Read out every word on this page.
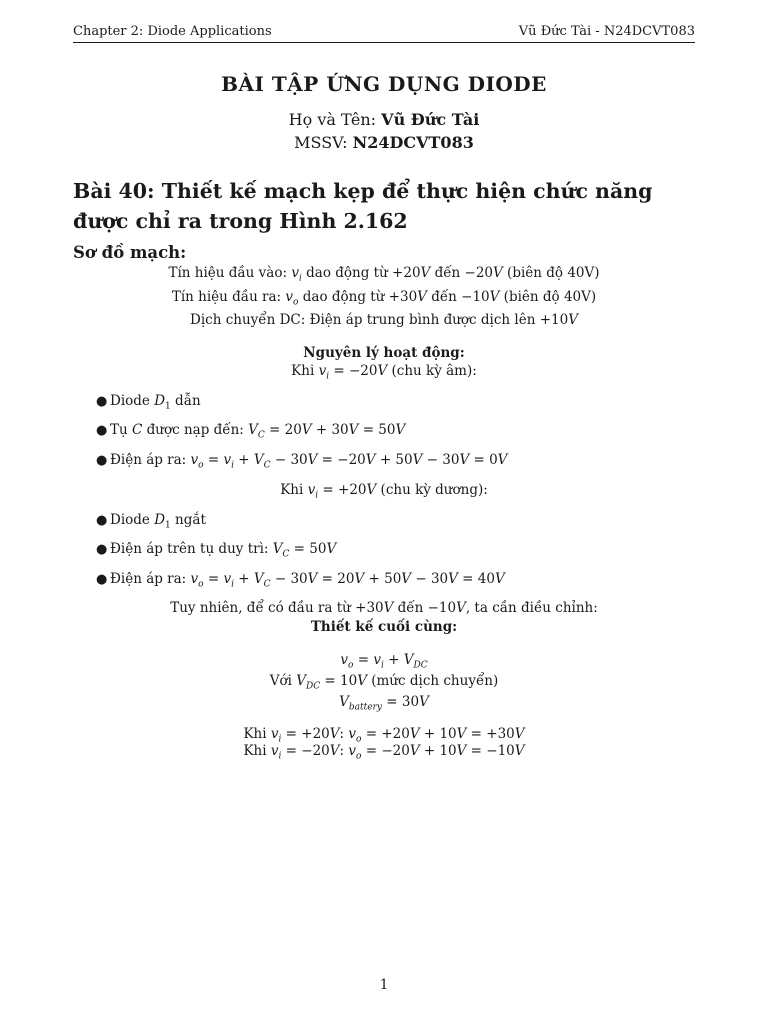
Chapter 2: Diode Applications	Vũ Đức Tài - N24DCVT083
BÀI TẬP ỨNG DỤNG DIODE
Họ và Tên: Vũ Đức Tài
MSSV: N24DCVT083
Bài 40: Thiết kế mạch kẹp để thực hiện chức năng được chỉ ra trong Hình 2.162
Sơ đồ mạch:
Tín hiệu đầu vào: $v_i$ dao động từ +20V đến −20V (biên độ 40V)
Tín hiệu đầu ra: $v_o$ dao động từ +30V đến −10V (biên độ 40V)
Dịch chuyển DC: Điện áp trung bình được dịch lên +10V
Nguyên lý hoạt động:
Khi $v_i = -20V$ (chu kỳ âm):
● Diode $D_1$ dẫn
● Tụ C được nạp đến: $V_C = 20V + 30V = 50V$
● Điện áp ra: $v_o = v_i + V_C - 30V = -20V + 50V - 30V = 0V$
Khi $v_i = +20V$ (chu kỳ dương):
● Diode $D_1$ ngắt
● Điện áp trên tụ duy trì: $V_C = 50V$
● Điện áp ra: $v_o = v_i + V_C - 30V = 20V + 50V - 30V = 40V$
Tuy nhiên, để có đầu ra từ +30V đến −10V, ta cần điều chỉnh:
Thiết kế cuối cùng:
$v_o = v_i + V_{DC}$
Với $V_{DC} = 10V$ (mức dịch chuyển)
$V_{battery} = 30V$
Khi $v_i = +20V$: $v_o = +20V + 10V = +30V$
Khi $v_i = -20V$: $v_o = -20V + 10V = -10V$
1
